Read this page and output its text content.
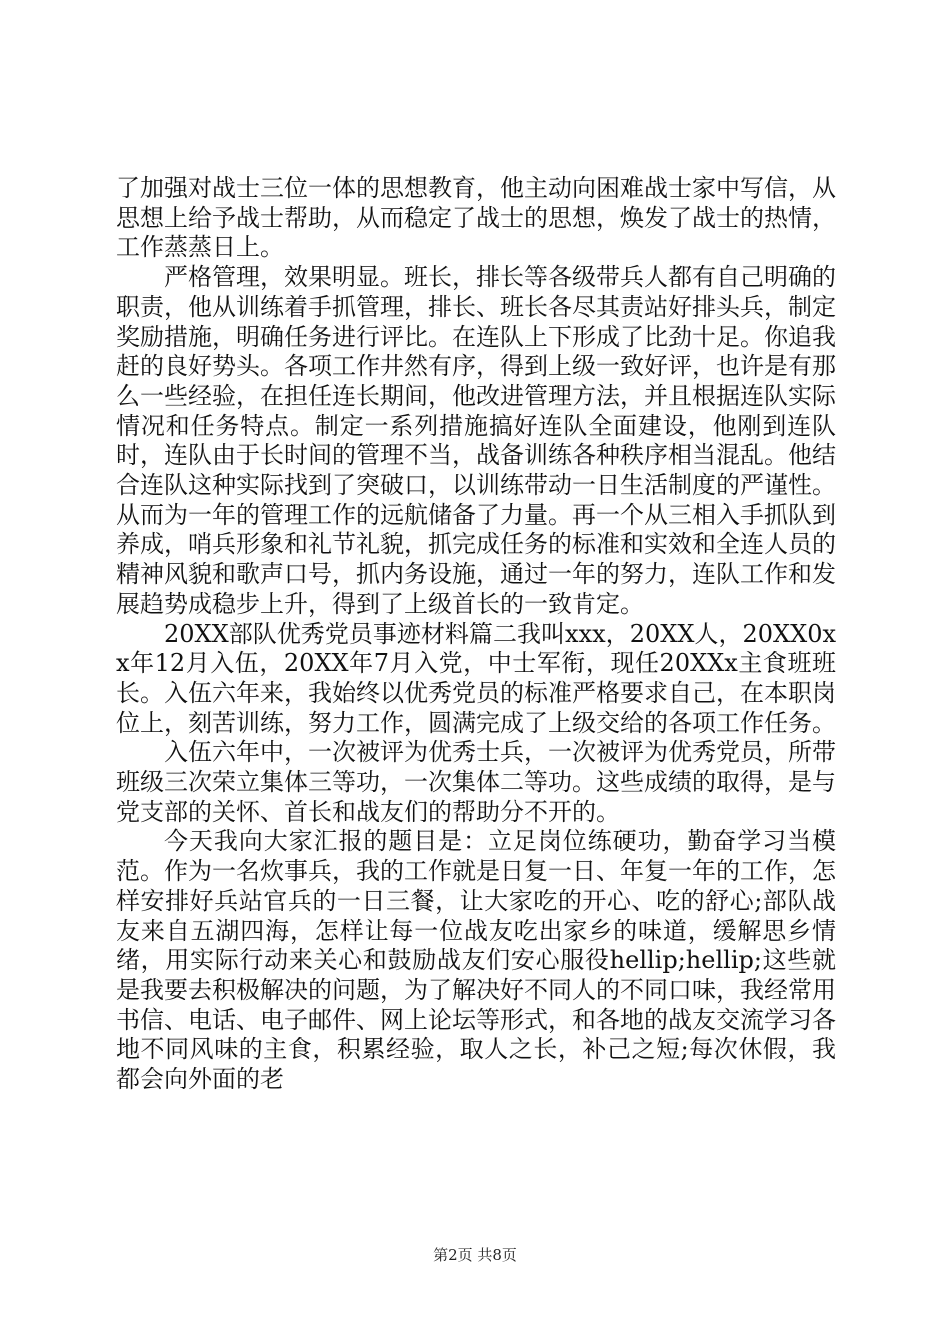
了加强对战士三位一体的思想教育，他主动向困难战士家中写信，从思想上给予战士帮助，从而稳定了战士的思想，焕发了战士的热情，工作蒸蒸日上。

严格管理，效果明显。班长，排长等各级带兵人都有自己明确的职责，他从训练着手抓管理，排长、班长各尽其责站好排头兵，制定奖励措施，明确任务进行评比。在连队上下形成了比劲十足。你追我赶的良好势头。各项工作井然有序，得到上级一致好评，也许是有那么一些经验，在担任连长期间，他改进管理方法，并且根据连队实际情况和任务特点。制定一系列措施搞好连队全面建设，他刚到连队时，连队由于长时间的管理不当，战备训练各种秩序相当混乱。他结合连队这种实际找到了突破口，以训练带动一日生活制度的严谨性。从而为一年的管理工作的远航储备了力量。再一个从三相入手抓队到养成，哨兵形象和礼节礼貌，抓完成任务的标准和实效和全连人员的精神风貌和歌声口号，抓内务设施，通过一年的努力，连队工作和发展趋势成稳步上升，得到了上级首长的一致肯定。

20XX部队优秀党员事迹材料篇二我叫xxx，20XX人，20XX0xx年12月入伍，20XX年7月入党，中士军衔，现任20XXx主食班班长。入伍六年来，我始终以优秀党员的标准严格要求自己，在本职岗位上，刻苦训练，努力工作，圆满完成了上级交给的各项工作任务。

入伍六年中，一次被评为优秀士兵，一次被评为优秀党员，所带班级三次荣立集体三等功，一次集体二等功。这些成绩的取得，是与党支部的关怀、首长和战友们的帮助分不开的。

今天我向大家汇报的题目是：立足岗位练硬功，勤奋学习当模范。作为一名炊事兵，我的工作就是日复一日、年复一年的工作，怎样安排好兵站官兵的一日三餐，让大家吃的开心、吃的舒心;部队战友来自五湖四海，怎样让每一位战友吃出家乡的味道，缓解思乡情绪，用实际行动来关心和鼓励战友们安心服役hellip;hellip;这些就是我要去积极解决的问题，为了解决好不同人的不同口味，我经常用书信、电话、电子邮件、网上论坛等形式，和各地的战友交流学习各地不同风味的主食，积累经验，取人之长，补己之短;每次休假，我都会向外面的老

第2页 共8页
